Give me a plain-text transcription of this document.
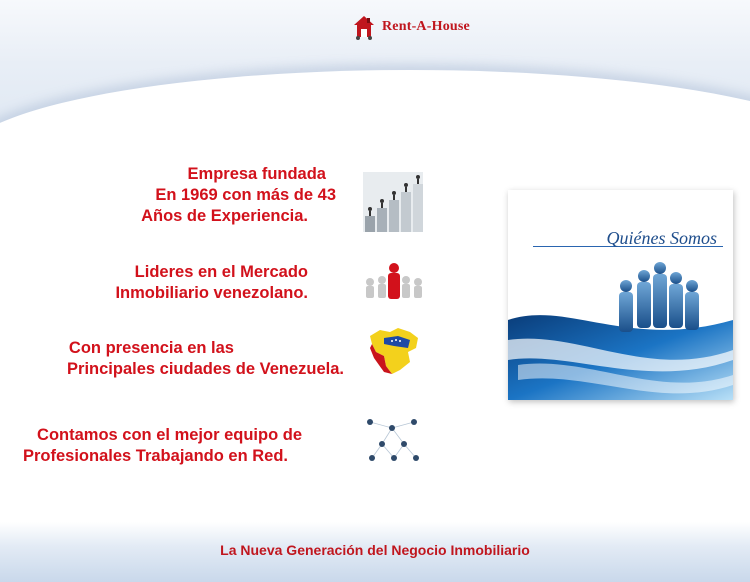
Rent-A-House
Empresa fundada
En 1969 con más de 43
Años de Experiencia.
Lideres en el Mercado
Inmobiliario venezolano.
Con presencia en las
Principales ciudades de Venezuela.
Contamos con el mejor equipo de
Profesionales Trabajando en Red.
Quiénes Somos
La Nueva Generación del Negocio Inmobiliario
